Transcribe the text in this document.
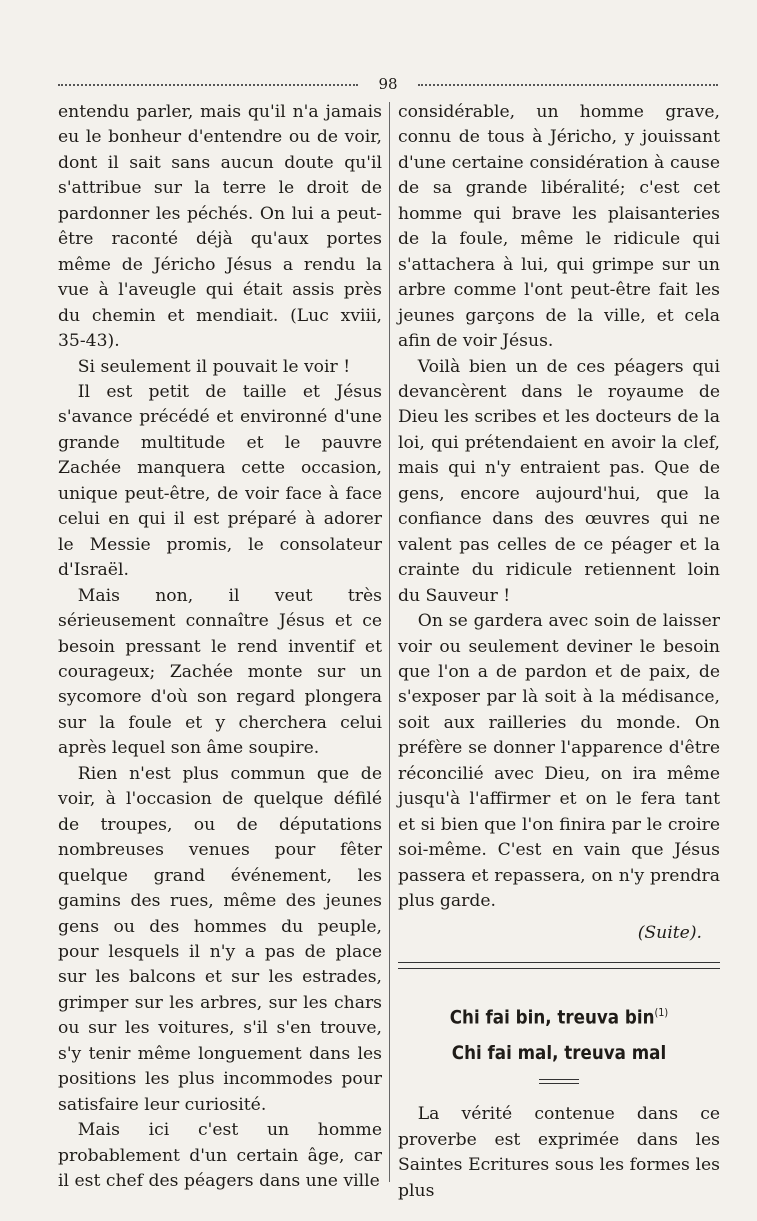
98

entendu parler, mais qu'il n'a jamais eu le bonheur d'entendre ou de voir, dont il sait sans aucun doute qu'il s'attribue sur la terre le droit de pardonner les péchés. On lui a peut-être raconté déjà qu'aux portes même de Jéricho Jésus a rendu la vue à l'aveugle qui était assis près du chemin et mendiait. (Luc xviii, 35-43).

Si seulement il pouvait le voir !

Il est petit de taille et Jésus s'avance précédé et environné d'une grande multitude et le pauvre Zachée manquera cette occasion, unique peut-être, de voir face à face celui en qui il est préparé à adorer le Messie promis, le consolateur d'Israël.

Mais non, il veut très sérieusement connaître Jésus et ce besoin pressant le rend inventif et courageux; Zachée monte sur un sycomore d'où son regard plongera sur la foule et y cherchera celui après lequel son âme soupire.

Rien n'est plus commun que de voir, à l'occasion de quelque défilé de troupes, ou de députations nombreuses venues pour fêter quelque grand événement, les gamins des rues, même des jeunes gens ou des hommes du peuple, pour lesquels il n'y a pas de place sur les balcons et sur les estrades, grimper sur les arbres, sur les chars ou sur les voitures, s'il s'en trouve, s'y tenir même longuement dans les positions les plus incommodes pour satisfaire leur curiosité.

Mais ici c'est un homme probablement d'un certain âge, car il est chef des péagers dans une ville

considérable, un homme grave, connu de tous à Jéricho, y jouissant d'une certaine considération à cause de sa grande libéralité; c'est cet homme qui brave les plaisanteries de la foule, même le ridicule qui s'attachera à lui, qui grimpe sur un arbre comme l'ont peut-être fait les jeunes garçons de la ville, et cela afin de voir Jésus.

Voilà bien un de ces péagers qui devancèrent dans le royaume de Dieu les scribes et les docteurs de la loi, qui prétendaient en avoir la clef, mais qui n'y entraient pas. Que de gens, encore aujourd'hui, que la confiance dans des œuvres qui ne valent pas celles de ce péager et la crainte du ridicule retiennent loin du Sauveur !

On se gardera avec soin de laisser voir ou seulement deviner le besoin que l'on a de pardon et de paix, de s'exposer par là soit à la médisance, soit aux railleries du monde. On préfère se donner l'apparence d'être réconcilié avec Dieu, on ira même jusqu'à l'affirmer et on le fera tant et si bien que l'on finira par le croire soi-même. C'est en vain que Jésus passera et repassera, on n'y prendra plus garde.

(Suite).

Chi fai bin, treuva bin$^{(1)}$
Chi fai mal, treuva mal

La vérité contenue dans ce proverbe est exprimée dans les Saintes Ecritures sous les formes les plus
